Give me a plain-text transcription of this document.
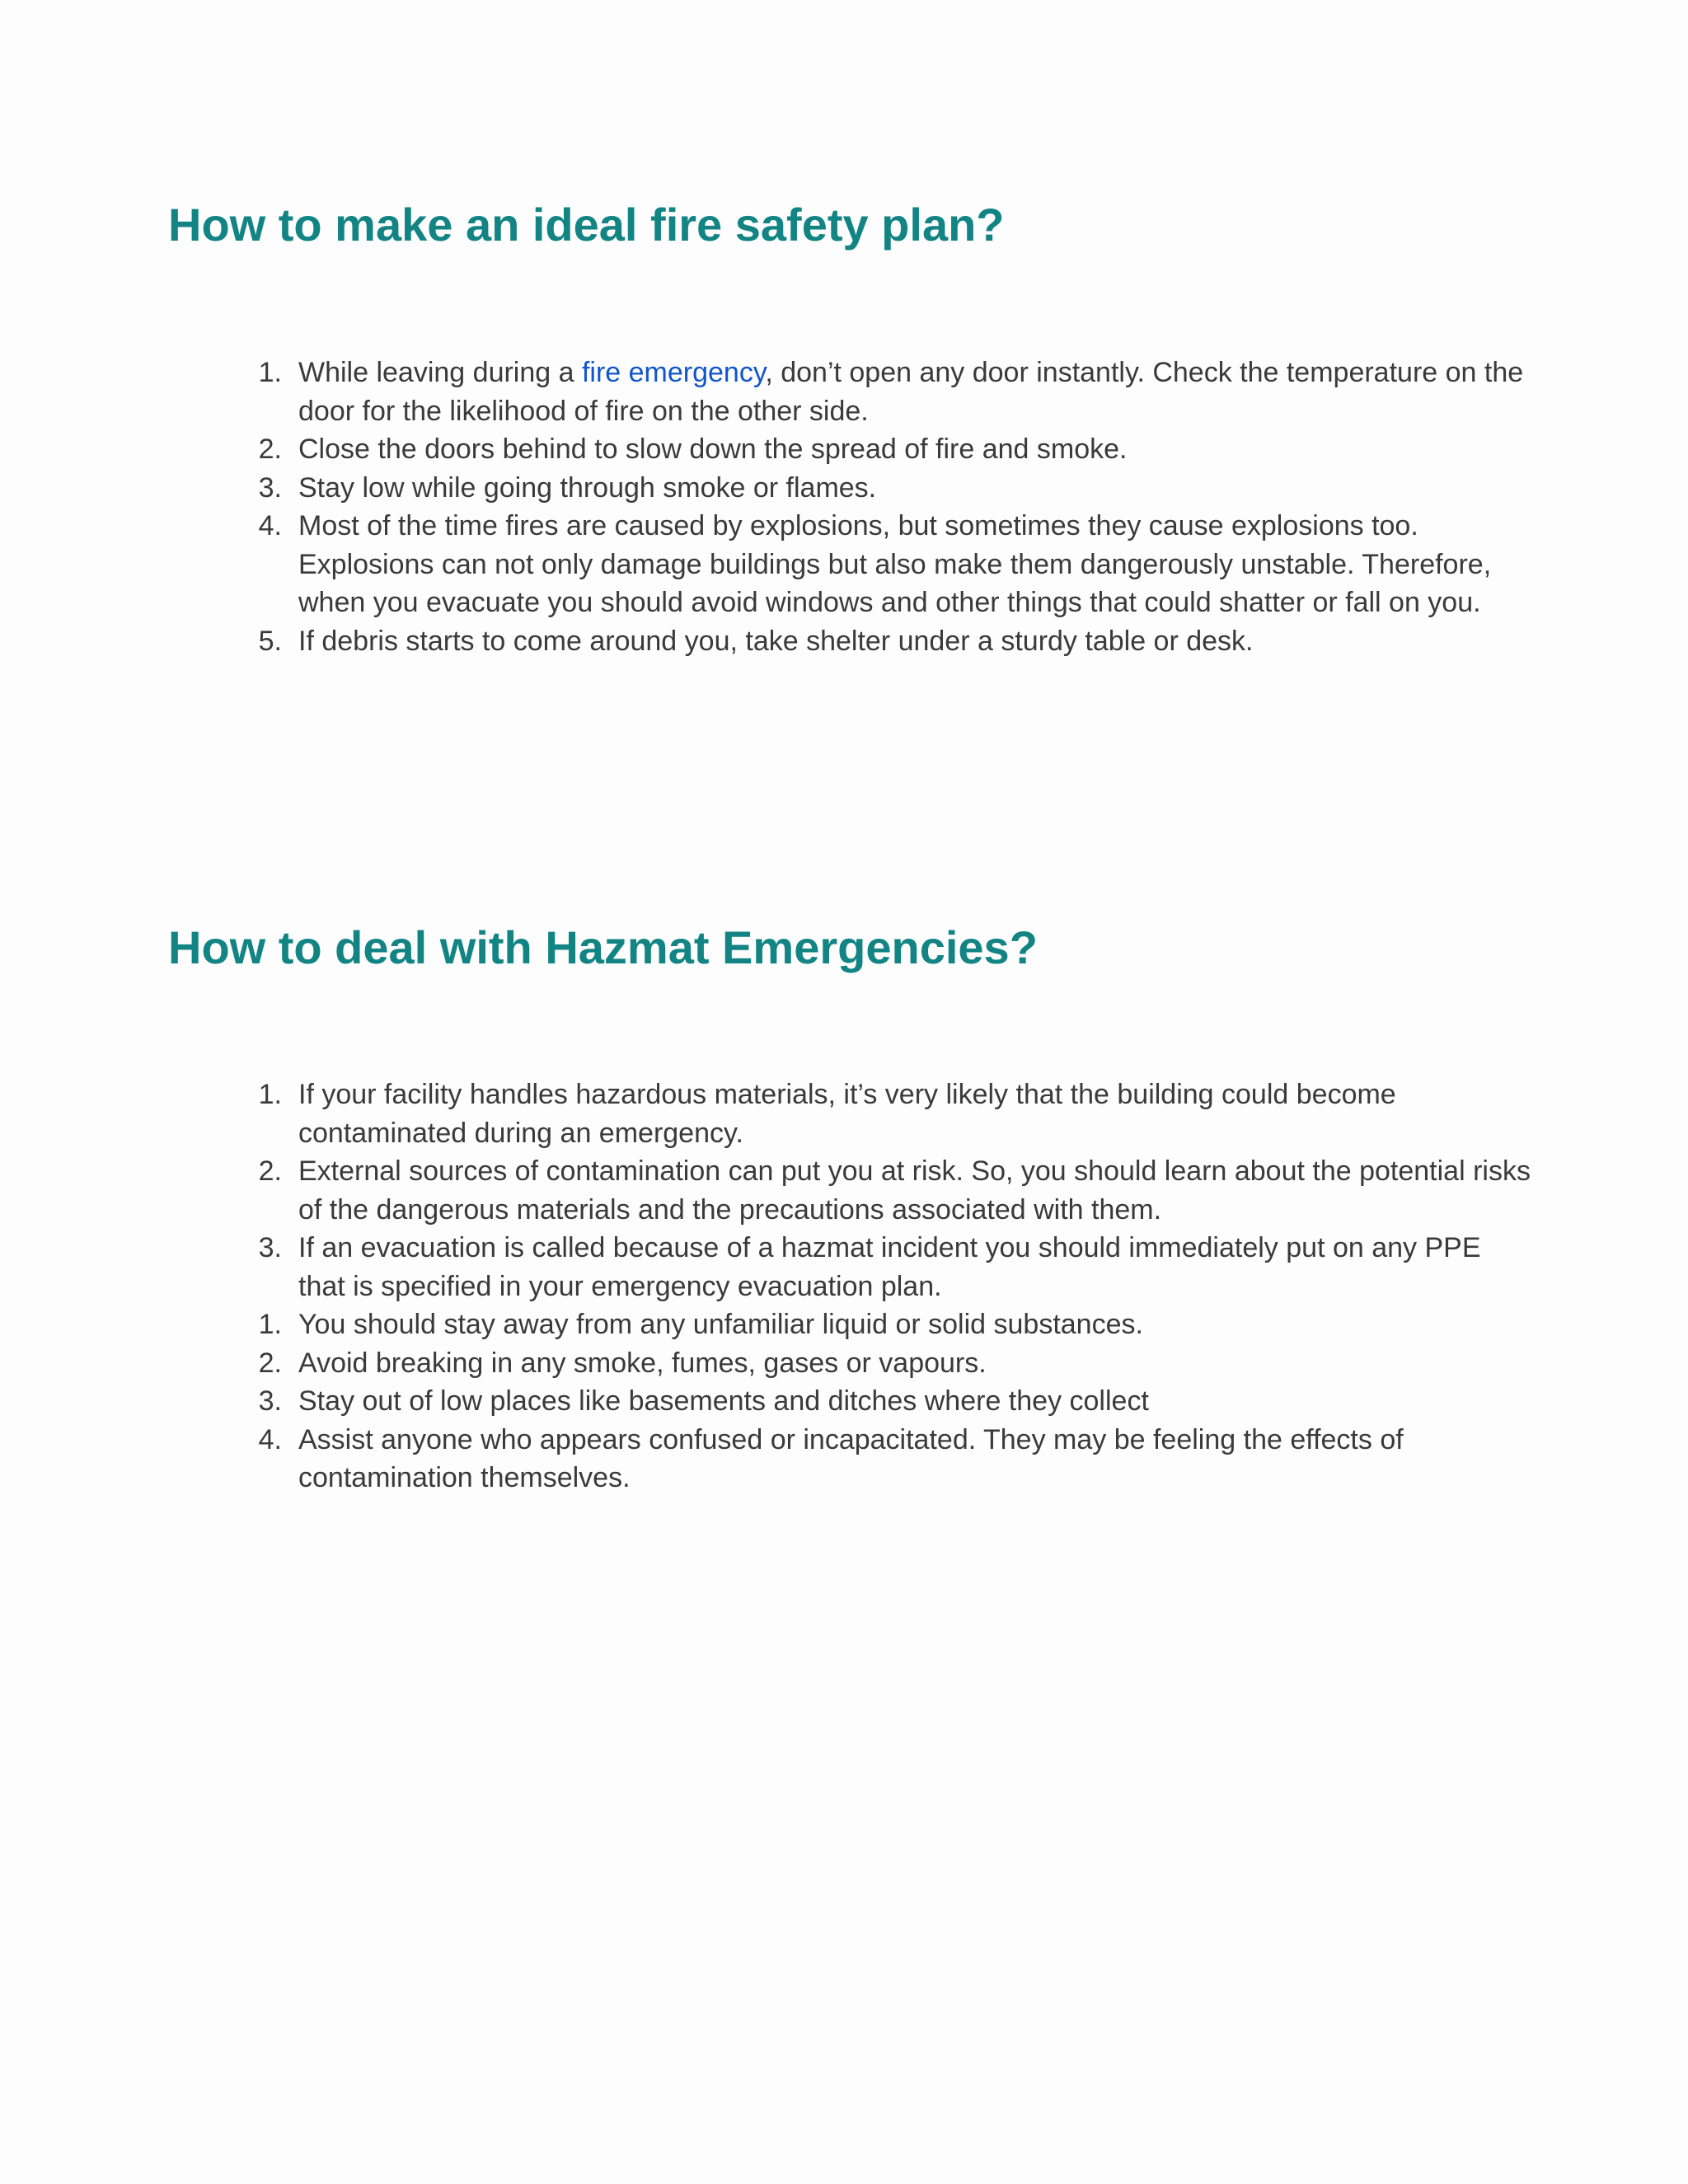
How to make an ideal fire safety plan?
1. While leaving during a fire emergency, don’t open any door instantly. Check the temperature on the door for the likelihood of fire on the other side.
2. Close the doors behind to slow down the spread of fire and smoke.
3. Stay low while going through smoke or flames.
4. Most of the time fires are caused by explosions, but sometimes they cause explosions too. Explosions can not only damage buildings but also make them dangerously unstable. Therefore, when you evacuate you should avoid windows and other things that could shatter or fall on you.
5. If debris starts to come around you, take shelter under a sturdy table or desk.
How to deal with Hazmat Emergencies?
1. If your facility handles hazardous materials, it’s very likely that the building could become contaminated during an emergency.
2. External sources of contamination can put you at risk. So, you should learn about the potential risks of the dangerous materials and the precautions associated with them.
3. If an evacuation is called because of a hazmat incident you should immediately put on any PPE that is specified in your emergency evacuation plan.
1. You should stay away from any unfamiliar liquid or solid substances.
2. Avoid breaking in any smoke, fumes, gases or vapours.
3. Stay out of low places like basements and ditches where they collect
4. Assist anyone who appears confused or incapacitated. They may be feeling the effects of contamination themselves.
